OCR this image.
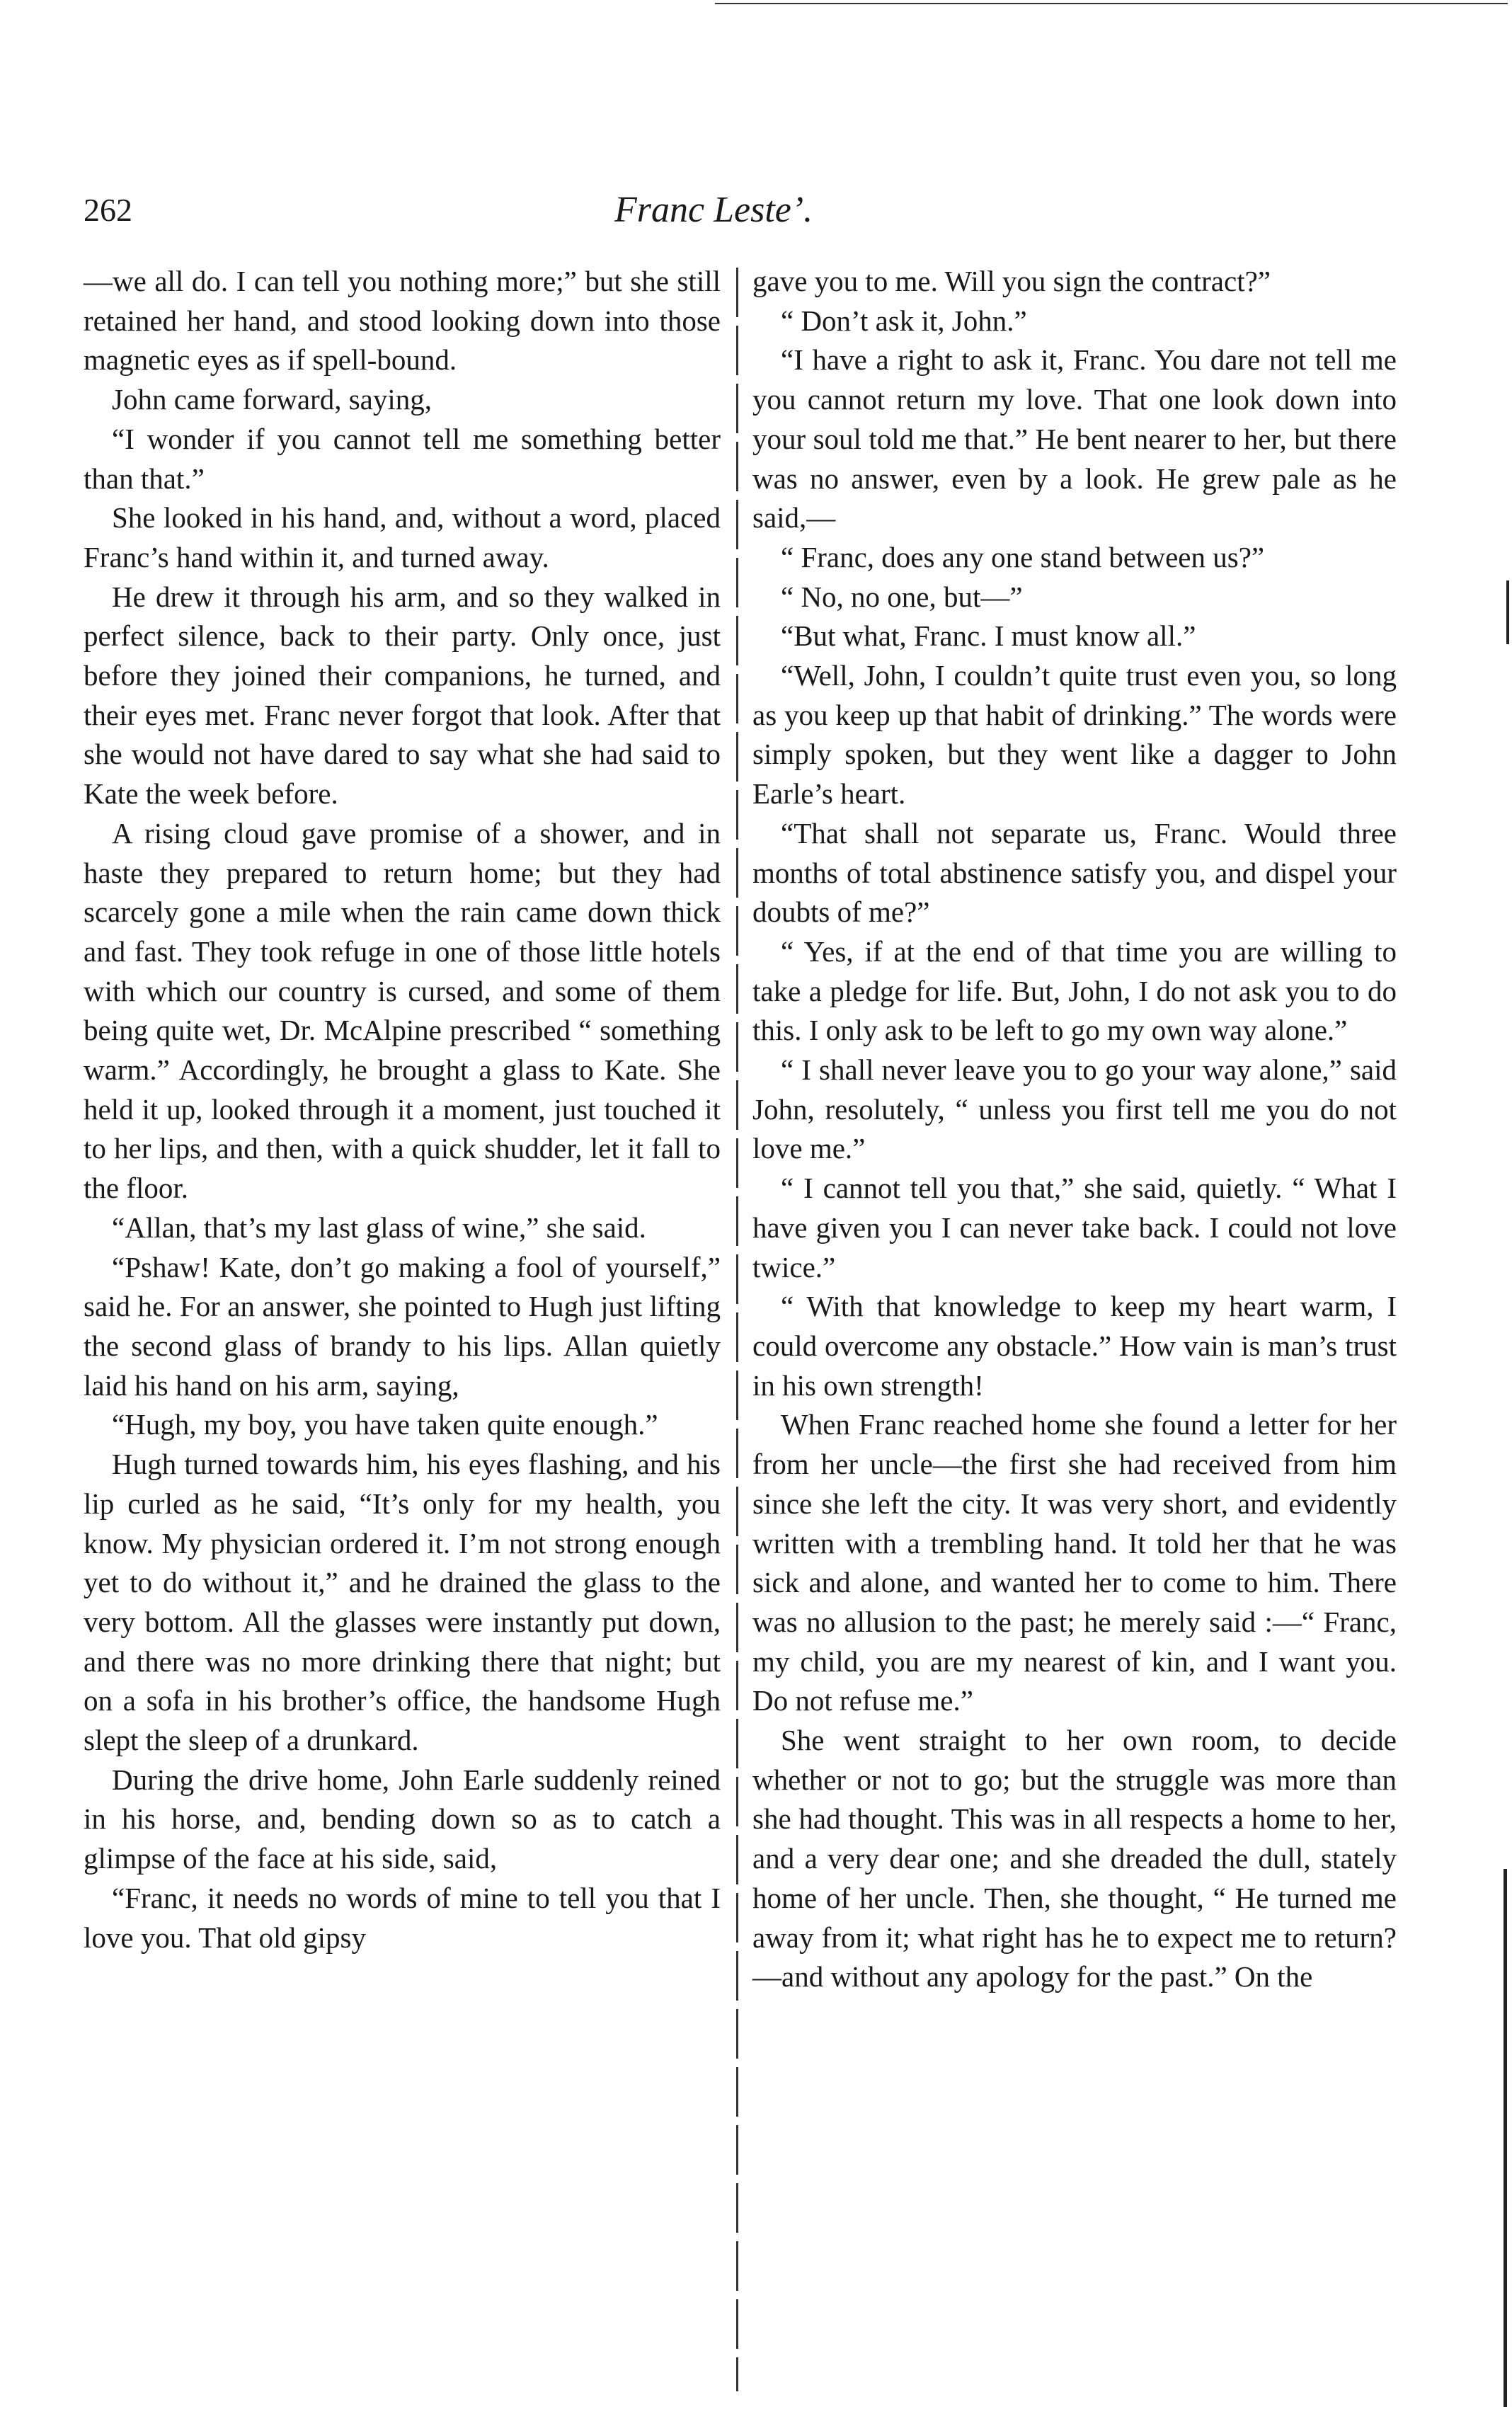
262	Franc Leste’.

—we all do. I can tell you nothing more;” but she still retained her hand, and stood looking down into those magnetic eyes as if spell-bound.

John came forward, saying,

“I wonder if you cannot tell me something better than that.”

She looked in his hand, and, without a word, placed Franc’s hand within it, and turned away.

He drew it through his arm, and so they walked in perfect silence, back to their party. Only once, just before they joined their companions, he turned, and their eyes met. Franc never forgot that look. After that she would not have dared to say what she had said to Kate the week before.

A rising cloud gave promise of a shower, and in haste they prepared to return home; but they had scarcely gone a mile when the rain came down thick and fast. They took refuge in one of those little hotels with which our country is cursed, and some of them being quite wet, Dr. McAlpine prescribed “ something warm.” Accordingly, he brought a glass to Kate. She held it up, looked through it a moment, just touched it to her lips, and then, with a quick shudder, let it fall to the floor.

“Allan, that’s my last glass of wine,” she said.

“Pshaw! Kate, don’t go making a fool of yourself,” said he. For an answer, she pointed to Hugh just lifting the second glass of brandy to his lips. Allan quietly laid his hand on his arm, saying,

“Hugh, my boy, you have taken quite enough.”

Hugh turned towards him, his eyes flashing, and his lip curled as he said, “It’s only for my health, you know. My physician ordered it. I’m not strong enough yet to do without it,” and he drained the glass to the very bottom. All the glasses were instantly put down, and there was no more drinking there that night; but on a sofa in his brother’s office, the handsome Hugh slept the sleep of a drunkard.

During the drive home, John Earle suddenly reined in his horse, and, bending down so as to catch a glimpse of the face at his side, said,

“Franc, it needs no words of mine to tell you that I love you. That old gipsy

gave you to me. Will you sign the contract?”

“ Don’t ask it, John.”

“I have a right to ask it, Franc. You dare not tell me you cannot return my love. That one look down into your soul told me that.” He bent nearer to her, but there was no answer, even by a look. He grew pale as he said,—

“ Franc, does any one stand between us?”

“ No, no one, but—”

“But what, Franc. I must know all.”

“Well, John, I couldn’t quite trust even you, so long as you keep up that habit of drinking.” The words were simply spoken, but they went like a dagger to John Earle’s heart.

“That shall not separate us, Franc. Would three months of total abstinence satisfy you, and dispel your doubts of me?”

“ Yes, if at the end of that time you are willing to take a pledge for life. But, John, I do not ask you to do this. I only ask to be left to go my own way alone.”

“ I shall never leave you to go your way alone,” said John, resolutely, “ unless you first tell me you do not love me.”

“ I cannot tell you that,” she said, quietly. “ What I have given you I can never take back. I could not love twice.”

“ With that knowledge to keep my heart warm, I could overcome any obstacle.” How vain is man’s trust in his own strength!

When Franc reached home she found a letter for her from her uncle—the first she had received from him since she left the city. It was very short, and evidently written with a trembling hand. It told her that he was sick and alone, and wanted her to come to him. There was no allusion to the past; he merely said :—“ Franc, my child, you are my nearest of kin, and I want you. Do not refuse me.”

She went straight to her own room, to decide whether or not to go; but the struggle was more than she had thought. This was in all respects a home to her, and a very dear one; and she dreaded the dull, stately home of her uncle. Then, she thought, “ He turned me away from it; what right has he to expect me to return?—and without any apology for the past.” On the
